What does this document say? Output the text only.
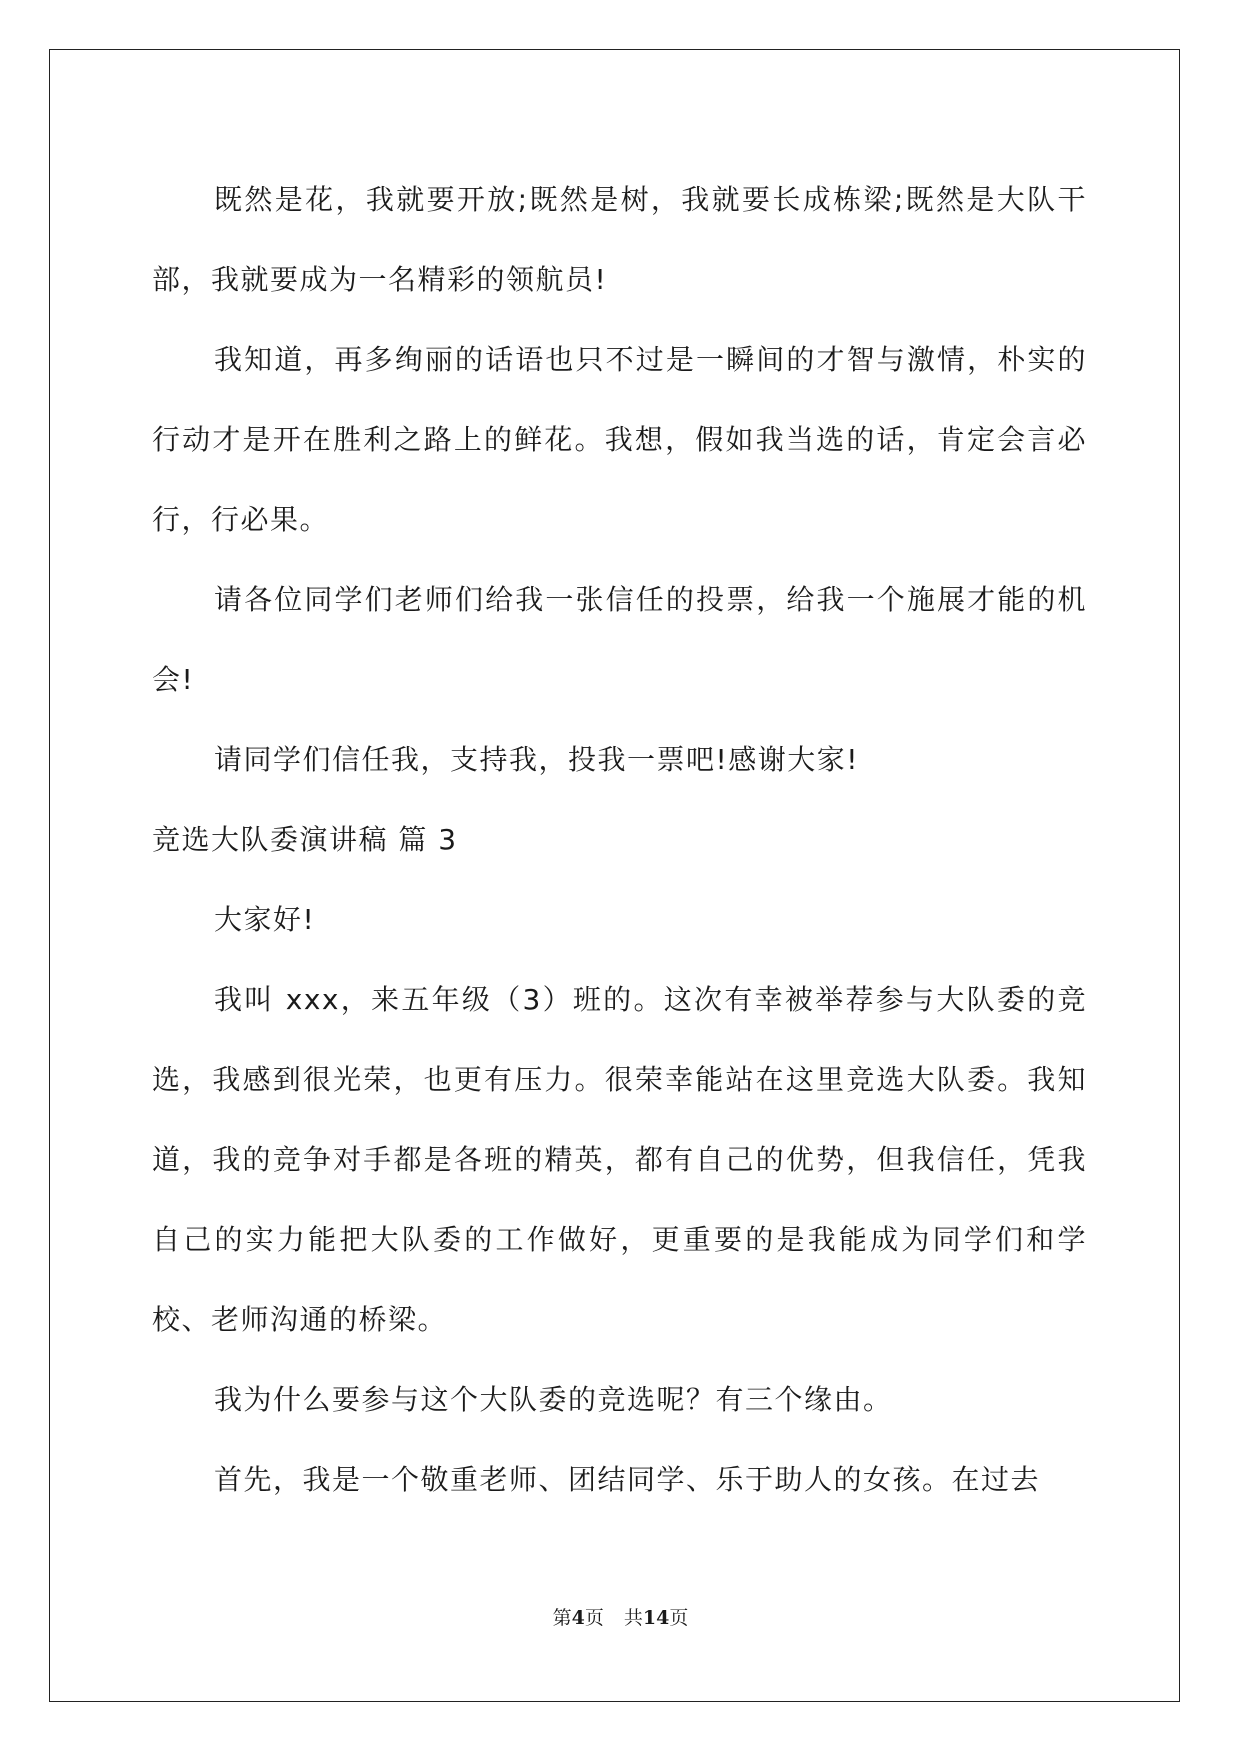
既然是花，我就要开放;既然是树，我就要长成栋梁;既然是大队干部，我就要成为一名精彩的领航员!

我知道，再多绚丽的话语也只不过是一瞬间的才智与激情，朴实的行动才是开在胜利之路上的鲜花。我想，假如我当选的话，肯定会言必行，行必果。

请各位同学们老师们给我一张信任的投票，给我一个施展才能的机会!

请同学们信任我，支持我，投我一票吧!感谢大家!

竞选大队委演讲稿 篇 3

大家好!

我叫 xxx，来五年级（3）班的。这次有幸被举荐参与大队委的竞选，我感到很光荣，也更有压力。很荣幸能站在这里竞选大队委。我知道，我的竞争对手都是各班的精英，都有自己的优势，但我信任，凭我自己的实力能把大队委的工作做好，更重要的是我能成为同学们和学校、老师沟通的桥梁。

我为什么要参与这个大队委的竞选呢？有三个缘由。

首先，我是一个敬重老师、团结同学、乐于助人的女孩。在过去

第4页 共14页
